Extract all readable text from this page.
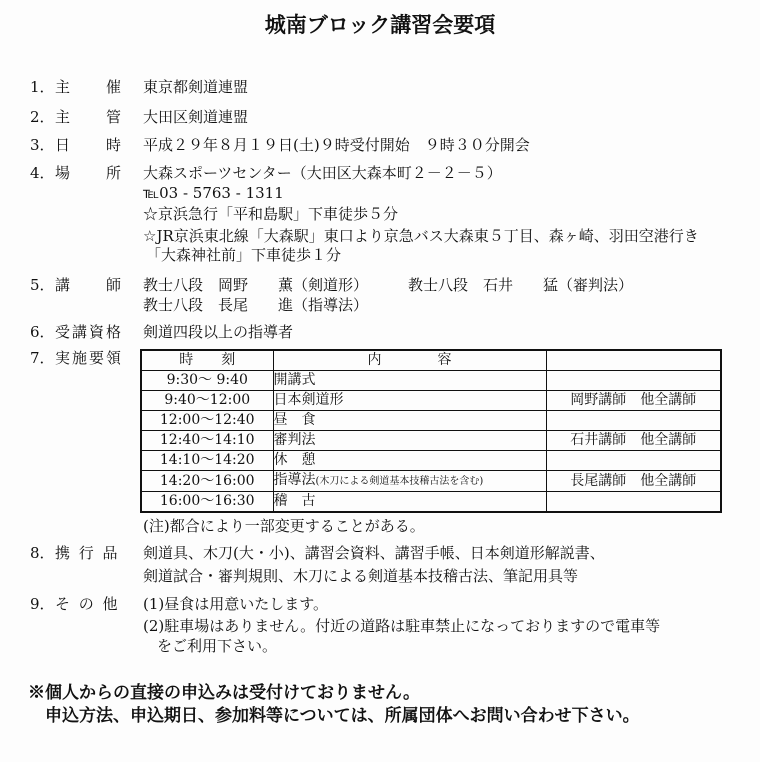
城南ブロック講習会要項
1． 主　　催 東京都剣道連盟
2． 主　　管 大田区剣道連盟
3． 日　　時 平成２９年８月１９日(土)９時受付開始　９時３０分開会
4． 場　　所 大森スポーツセンター（大田区大森本町２－２－５）
℡03 - 5763 - 1311
☆京浜急行「平和島駅」下車徒歩５分
☆JR京浜東北線「大森駅」東口より京急バス大森東５丁目、森ヶ崎、羽田空港行き
「大森神社前」下車徒歩１分
5． 講　　師 教士八段　岡野　　薫（剣道形）	教士八段　石井　　猛（審判法）
教士八段　長尾　　進（指導法）
6． 受講資格 剣道四段以上の指導者
7． 実施要領	時　　刻	内　　　　容	
9:30～ 9:40	開講式	
9:40～12:00	日本剣道形	岡野講師　他全講師
12:00～12:40	昼　食	
12:40～14:10	審判法	石井講師　他全講師
14:10～14:20	休　憩	
14:20～16:00	指導法(木刀による剣道基本技稽古法を含む)	長尾講師　他全講師
16:00～16:30	稽　古	
(注)都合により一部変更することがある。
8． 携 行 品 剣道具、木刀(大・小)、講習会資料、講習手帳、日本剣道形解説書、
剣道試合・審判規則、木刀による剣道基本技稽古法、筆記用具等
9． そ の 他 (1)昼食は用意いたします。
(2)駐車場はありません。付近の道路は駐車禁止になっておりますので電車等
をご利用下さい。
※個人からの直接の申込みは受付けておりません。
申込方法、申込期日、参加料等については、所属団体へお問い合わせ下さい。
